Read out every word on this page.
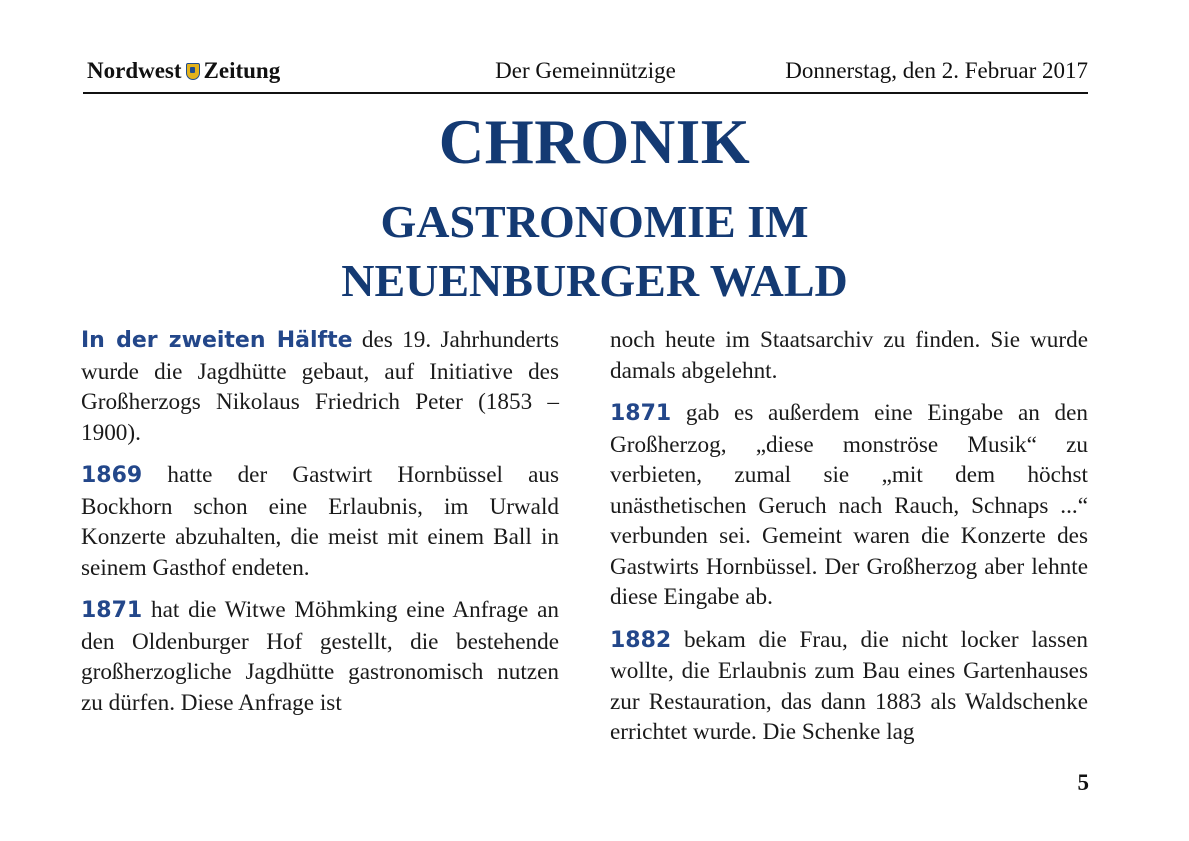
Nordwest Zeitung	Der Gemeinnützige	Donnerstag, den 2. Februar 2017
CHRONIK
GASTRONOMIE IM
NEUENBURGER WALD

In der zweiten Hälfte des 19. Jahrhunderts wurde die Jagdhütte gebaut, auf Initiative des Großherzogs Nikolaus Friedrich Peter (1853 – 1900).

1869 hatte der Gastwirt Hornbüssel aus Bockhorn schon eine Erlaubnis, im Urwald Konzerte abzuhalten, die meist mit einem Ball in seinem Gasthof endeten.

1871 hat die Witwe Möhmking eine Anfrage an den Oldenburger Hof gestellt, die bestehende großherzogliche Jagdhütte gastronomisch nutzen zu dürfen. Diese Anfrage ist

noch heute im Staatsarchiv zu finden. Sie wurde damals abgelehnt.

1871 gab es außerdem eine Eingabe an den Großherzog, „diese monströse Musik“ zu verbieten, zumal sie „mit dem höchst unästhetischen Geruch nach Rauch, Schnaps ...“ verbunden sei. Gemeint waren die Konzerte des Gastwirts Hornbüssel. Der Großherzog aber lehnte diese Eingabe ab.

1882 bekam die Frau, die nicht locker lassen wollte, die Erlaubnis zum Bau eines Gartenhauses zur Restauration, das dann 1883 als Waldschenke errichtet wurde. Die Schenke lag

5
